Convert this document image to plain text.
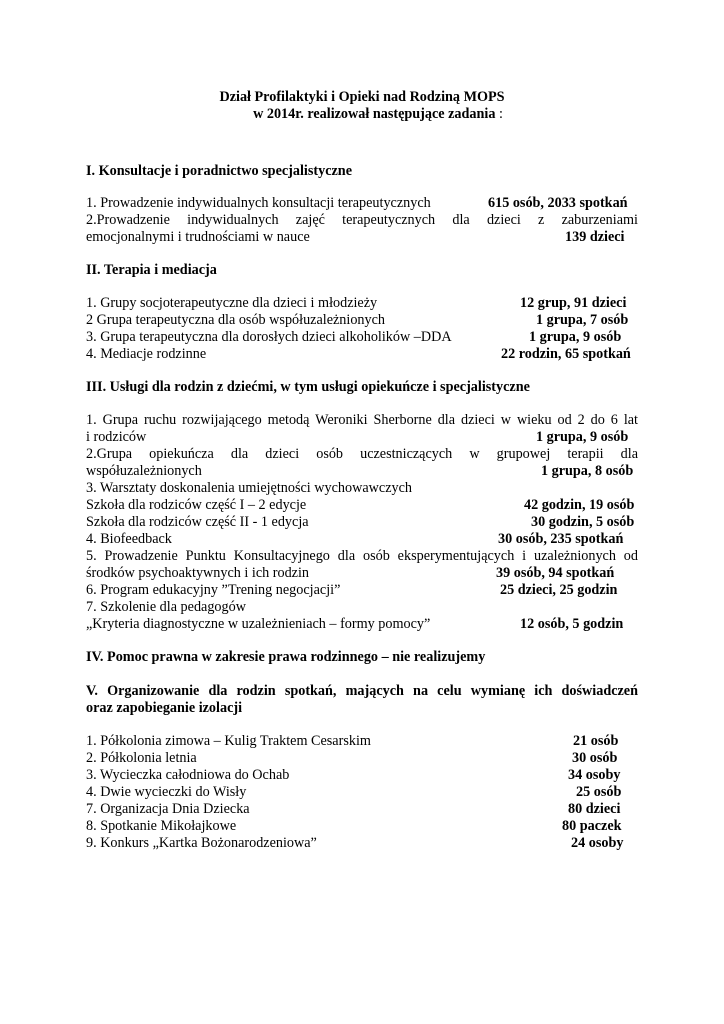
Dział Profilaktyki i Opieki nad Rodziną MOPS
w 2014r. realizował następujące zadania :
I. Konsultacje i poradnictwo specjalistyczne
1. Prowadzenie indywidualnych konsultacji terapeutycznych	615 osób, 2033 spotkań
2.Prowadzenie indywidualnych zajęć terapeutycznych dla dzieci z zaburzeniami
emocjonalnymi i trudnościami w nauce	139 dzieci
II. Terapia i mediacja
1. Grupy socjoterapeutyczne dla dzieci i młodzieży	12 grup, 91 dzieci
2 Grupa terapeutyczna dla osób współuzależnionych	1 grupa, 7 osób
3. Grupa terapeutyczna dla dorosłych dzieci alkoholików –DDA	1 grupa, 9 osób
4. Mediacje rodzinne	22 rodzin, 65 spotkań
III. Usługi dla rodzin z dziećmi, w tym usługi opiekuńcze i specjalistyczne
1. Grupa ruchu rozwijającego metodą Weroniki Sherborne dla dzieci w wieku od 2 do 6 lat
i rodziców	1 grupa, 9 osób
2.Grupa opiekuńcza dla dzieci osób uczestniczących w grupowej terapii dla
współuzależnionych	1 grupa, 8 osób
3. Warsztaty doskonalenia umiejętności wychowawczych
Szkoła dla rodziców część I – 2 edycje	42 godzin, 19 osób
Szkoła dla rodziców część II - 1 edycja	30 godzin, 5 osób
4. Biofeedback	30 osób, 235 spotkań
5. Prowadzenie Punktu Konsultacyjnego dla osób eksperymentujących i uzależnionych od
środków psychoaktywnych i ich rodzin	39 osób, 94 spotkań
6. Program edukacyjny ”Trening negocjacji”	25 dzieci, 25 godzin
7. Szkolenie dla pedagogów
„Kryteria diagnostyczne w uzależnieniach – formy pomocy”	12 osób, 5 godzin
IV. Pomoc prawna w zakresie prawa rodzinnego – nie realizujemy
V. Organizowanie dla rodzin spotkań, mających na celu wymianę ich doświadczeń
oraz zapobieganie izolacji
1. Półkolonia zimowa – Kulig Traktem Cesarskim	21 osób
2. Półkolonia letnia	30 osób
3. Wycieczka całodniowa do Ochab	34 osoby
4. Dwie wycieczki do Wisły	25 osób
7. Organizacja Dnia Dziecka	80 dzieci
8. Spotkanie Mikołajkowe	80 paczek
9. Konkurs „Kartka Bożonarodzeniowa”	24 osoby
